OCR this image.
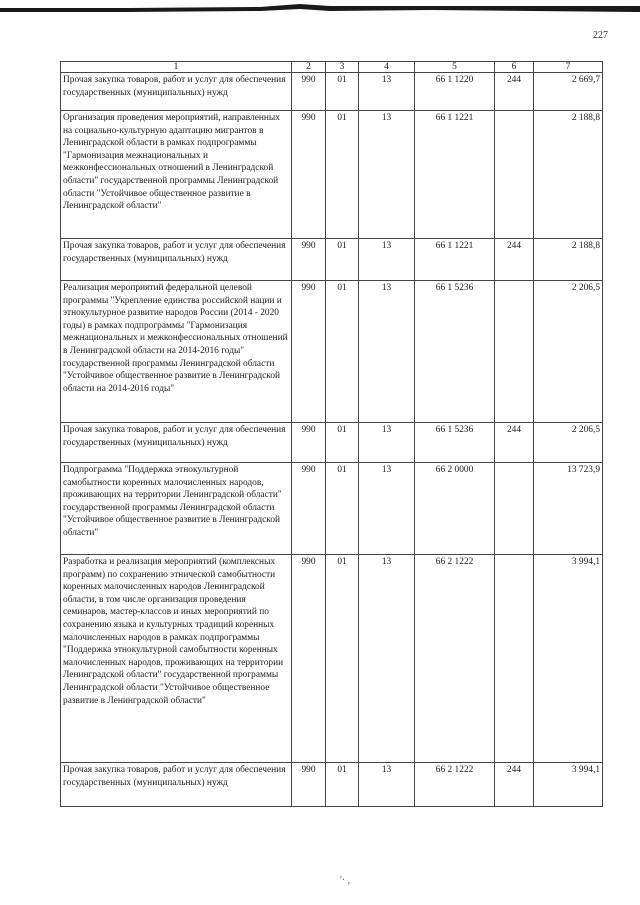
227
1	2	3	4	5	6	7
Прочая закупка товаров, работ и услуг для обеспечения государственных (муниципальных) нужд	990	01	13	66 1 1220	244	2 669,7
Организация проведения мероприятий, направленных на социально-культурную адаптацию мигрантов в Ленинградской области в рамках подпрограммы "Гармонизация межнациональных и межконфессиональных отношений в Ленинградской области" государственной программы Ленинградской области "Устойчивое общественное развитие в Ленинградской области"	990	01	13	66 1 1221		2 188,8
Прочая закупка товаров, работ и услуг для обеспечения государственных (муниципальных) нужд	990	01	13	66 1 1221	244	2 188,8
Реализация мероприятий федеральной целевой программы "Укрепление единства российской нации и этнокультурное развитие народов России (2014 - 2020 годы) в рамках подпрограммы "Гармонизация межнациональных и межконфессиональных отношений в Ленинградской области на 2014-2016 годы" государственной программы Ленинградской области "Устойчивое общественное развитие в Ленинградской области на 2014-2016 годы"	990	01	13	66 1 5236		2 206,5
Прочая закупка товаров, работ и услуг для обеспечения государственных (муниципальных) нужд	990	01	13	66 1 5236	244	2 206,5
Подпрограмма "Поддержка этнокультурной самобытности коренных малочисленных народов, проживающих на территории Ленинградской области" государственной программы Ленинградской области "Устойчивое общественное развитие в Ленинградской области"	990	01	13	66 2 0000		13 723,9
Разработка и реализация мероприятий (комплексных программ) по сохранению этнической самобытности коренных малочисленных народов Ленинградской области, в том числе организация проведения семинаров, мастер-классов и иных мероприятий по сохранению языка и культурных традиций коренных малочисленных народов в рамках подпрограммы "Поддержка этнокультурной самобытности коренных малочисленных народов, проживающих на территории Ленинградской области" государственной программы Ленинградской области "Устойчивое общественное развитие в Ленинградской области"	990	01	13	66 2 1222		3 994,1
Прочая закупка товаров, работ и услуг для обеспечения государственных (муниципальных) нужд	990	01	13	66 2 1222	244	3 994,1
'· ,
